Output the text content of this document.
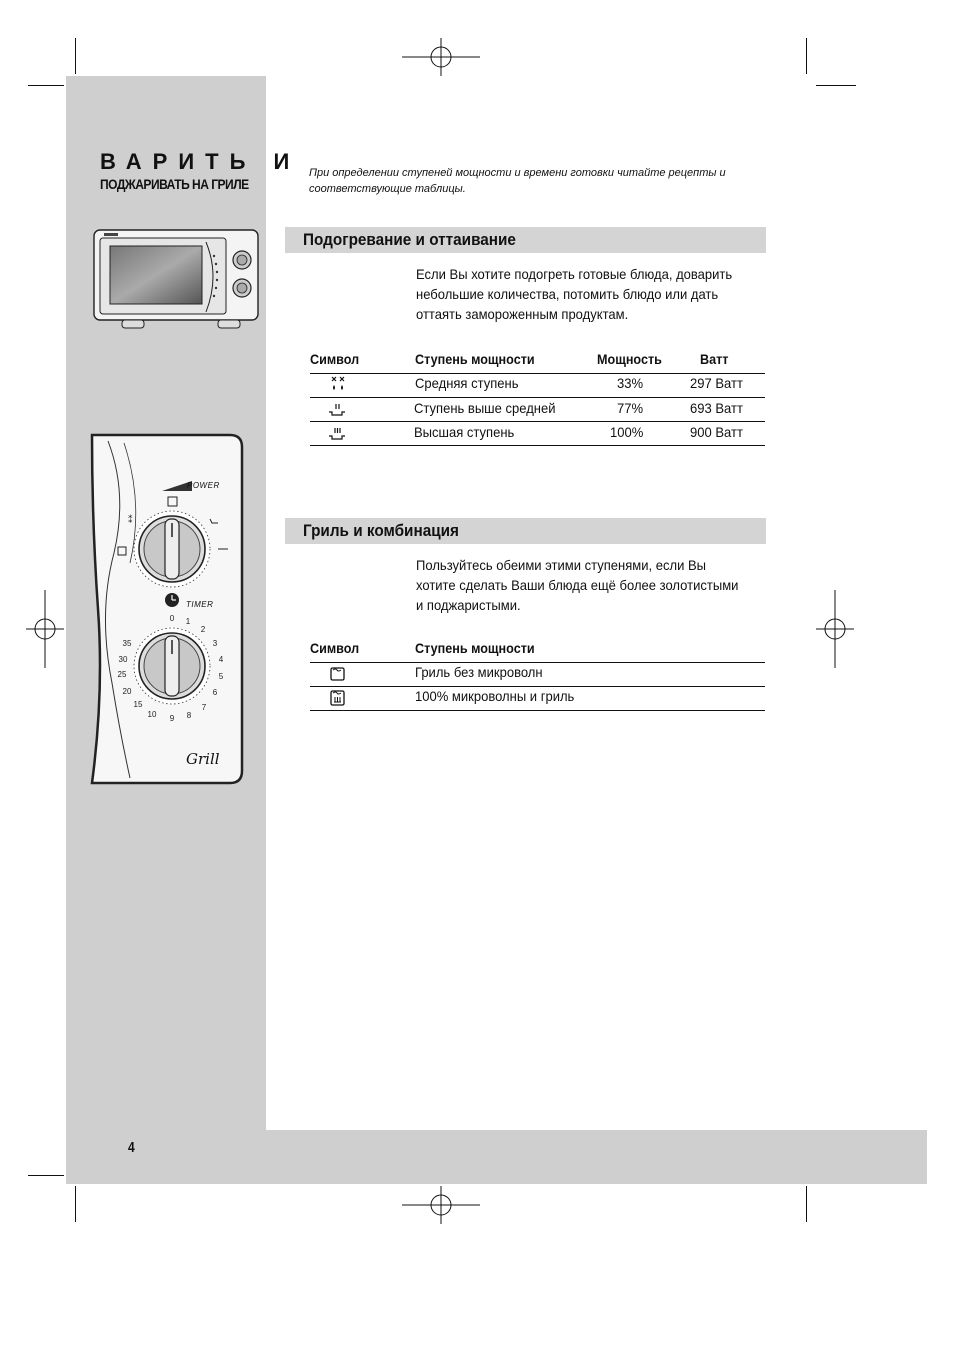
ВАРИТЬ И
ПОДЖАРИВАТЬ НА ГРИЛЕ
⁑
0 1
2
3
4
5
6
7
8
9
10
15
20
25
30
35
POWER
TIMER
Grill
При определении ступеней мощности и времени готовки читайте рецепты и соответствующие таблицы.
Подогревание и оттаивание
Если Вы хотите подогреть готовые блюда, доварить небольшие количества, потомить блюдо или дать оттаять замороженным продуктам.
Символ	Ступень мощности	Мощность	Ватт
Средняя ступень	33%	297 Ватт
Ступень выше средней	77%	693 Ватт
Высшая ступень	100%	900 Ватт
Гриль и комбинация
Пользуйтесь обеими этими ступенями, если Вы хотите сделать Ваши блюда ещё более золотистыми и поджаристыми.
Символ	Ступень мощности
Гриль без микроволн
100% микроволны и гриль
4
